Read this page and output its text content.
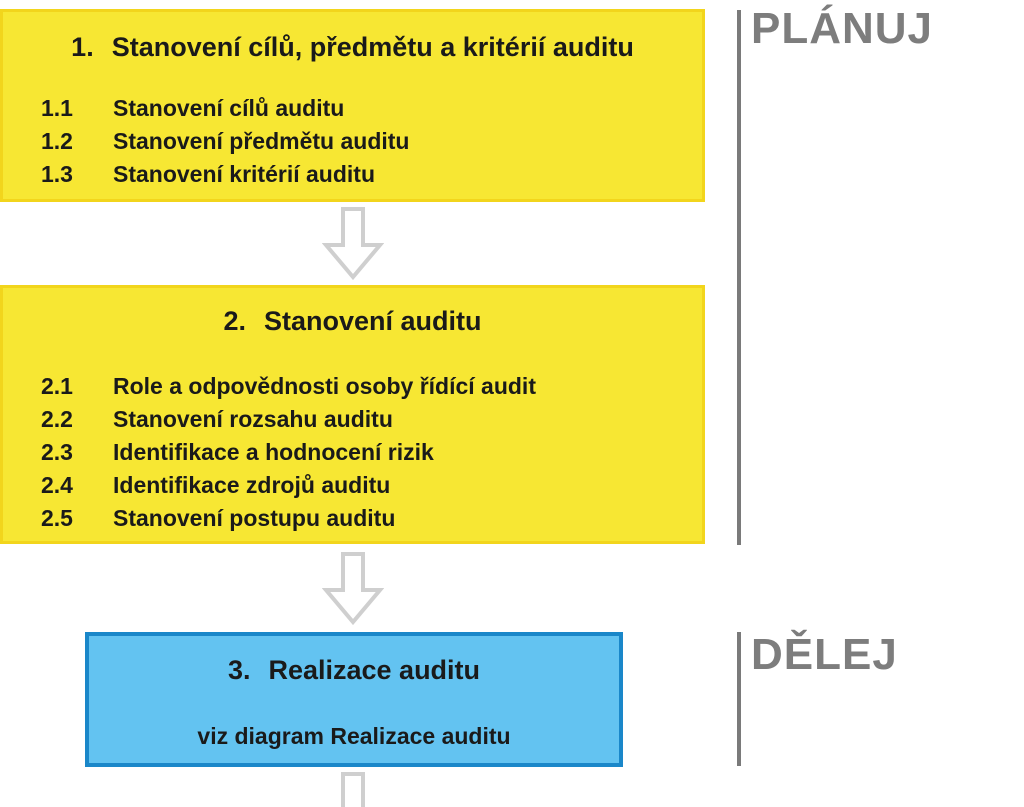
1. Stanovení cílů, předmětu a kritérií auditu
1.1 Stanovení cílů auditu
1.2 Stanovení předmětu auditu
1.3 Stanovení kritérií auditu
2. Stanovení auditu
2.1 Role a odpovědnosti osoby řídící audit
2.2 Stanovení rozsahu auditu
2.3 Identifikace a hodnocení rizik
2.4 Identifikace zdrojů auditu
2.5 Stanovení postupu auditu
3. Realizace auditu
viz diagram Realizace auditu
PLÁNUJ
DĚLEJ
